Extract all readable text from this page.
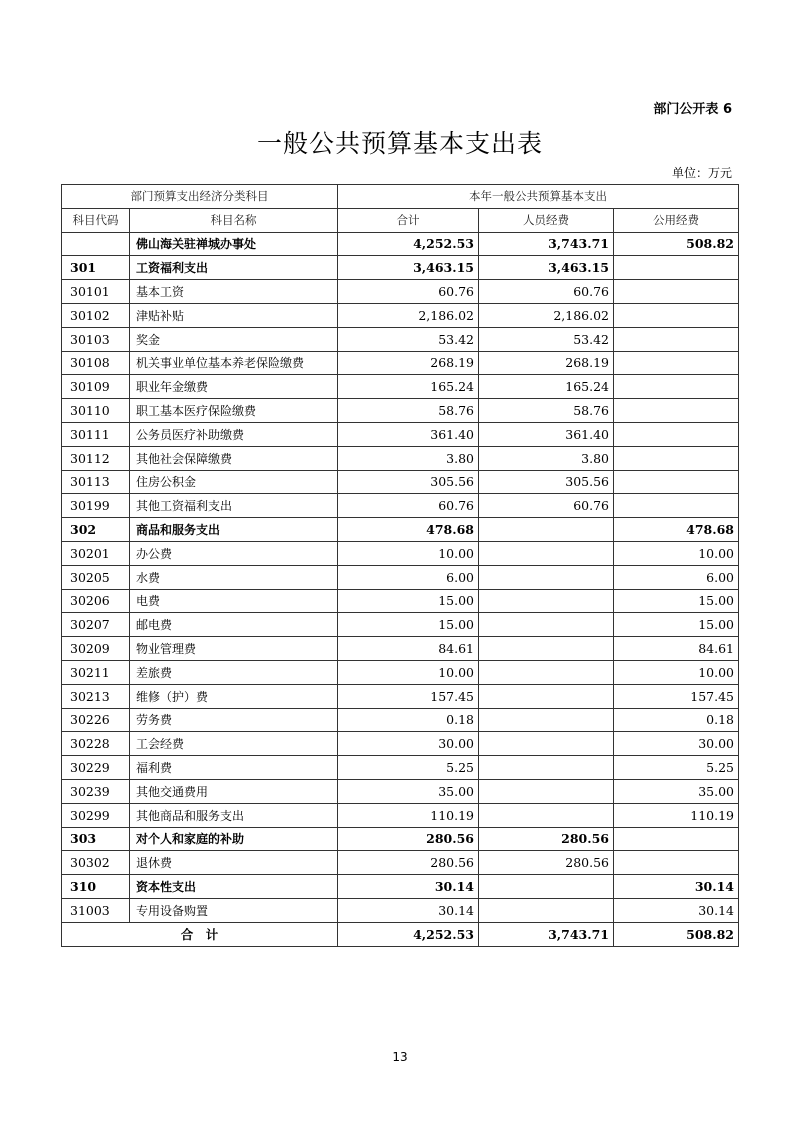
部门公开表 6
一般公共预算基本支出表
单位：万元
部门预算支出经济分类科目		本年一般公共预算基本支出		
科目代码	科目名称	合计	人员经费	公用经费
	佛山海关驻禅城办事处	4,252.53	3,743.71	508.82
301	工资福利支出	3,463.15	3,463.15	
30101	基本工资	60.76	60.76	
30102	津贴补贴	2,186.02	2,186.02	
30103	奖金	53.42	53.42	
30108	机关事业单位基本养老保险缴费	268.19	268.19	
30109	职业年金缴费	165.24	165.24	
30110	职工基本医疗保险缴费	58.76	58.76	
30111	公务员医疗补助缴费	361.40	361.40	
30112	其他社会保障缴费	3.80	3.80	
30113	住房公积金	305.56	305.56	
30199	其他工资福利支出	60.76	60.76	
302	商品和服务支出	478.68		478.68
30201	办公费	10.00		10.00
30205	水费	6.00		6.00
30206	电费	15.00		15.00
30207	邮电费	15.00		15.00
30209	物业管理费	84.61		84.61
30211	差旅费	10.00		10.00
30213	维修（护）费	157.45		157.45
30226	劳务费	0.18		0.18
30228	工会经费	30.00		30.00
30229	福利费	5.25		5.25
30239	其他交通费用	35.00		35.00
30299	其他商品和服务支出	110.19		110.19
303	对个人和家庭的补助	280.56	280.56	
30302	退休费	280.56	280.56	
310	资本性支出	30.14		30.14
31003	专用设备购置	30.14		30.14
合　计		4,252.53	3,743.71	508.82
13
